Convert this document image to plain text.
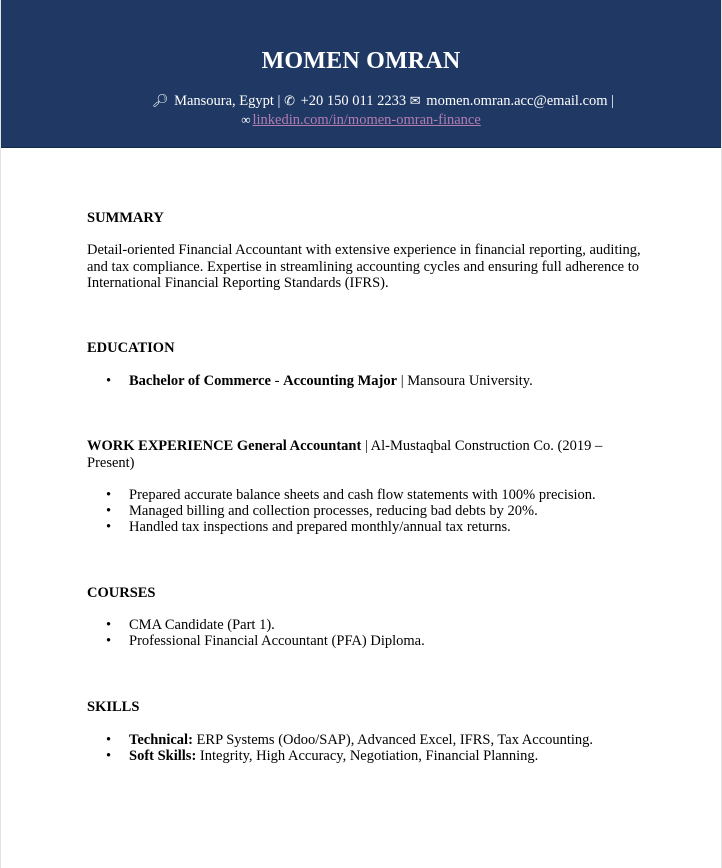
MOMEN OMRAN
🔎︎ Mansoura, Egypt | ✆ +20 150 011 2233 ✉ momen.omran.acc@email.com |
∞ linkedin.com/in/momen-omran-finance
SUMMARY
Detail-oriented Financial Accountant with extensive experience in financial reporting, auditing,
and tax compliance. Expertise in streamlining accounting cycles and ensuring full adherence to
International Financial Reporting Standards (IFRS).
EDUCATION
• Bachelor of Commerce - Accounting Major | Mansoura University.
WORK EXPERIENCE General Accountant | Al-Mustaqbal Construction Co. (2019 –
Present)
• Prepared accurate balance sheets and cash flow statements with 100% precision.
• Managed billing and collection processes, reducing bad debts by 20%.
• Handled tax inspections and prepared monthly/annual tax returns.
COURSES
• CMA Candidate (Part 1).
• Professional Financial Accountant (PFA) Diploma.
SKILLS
• Technical: ERP Systems (Odoo/SAP), Advanced Excel, IFRS, Tax Accounting.
• Soft Skills: Integrity, High Accuracy, Negotiation, Financial Planning.
